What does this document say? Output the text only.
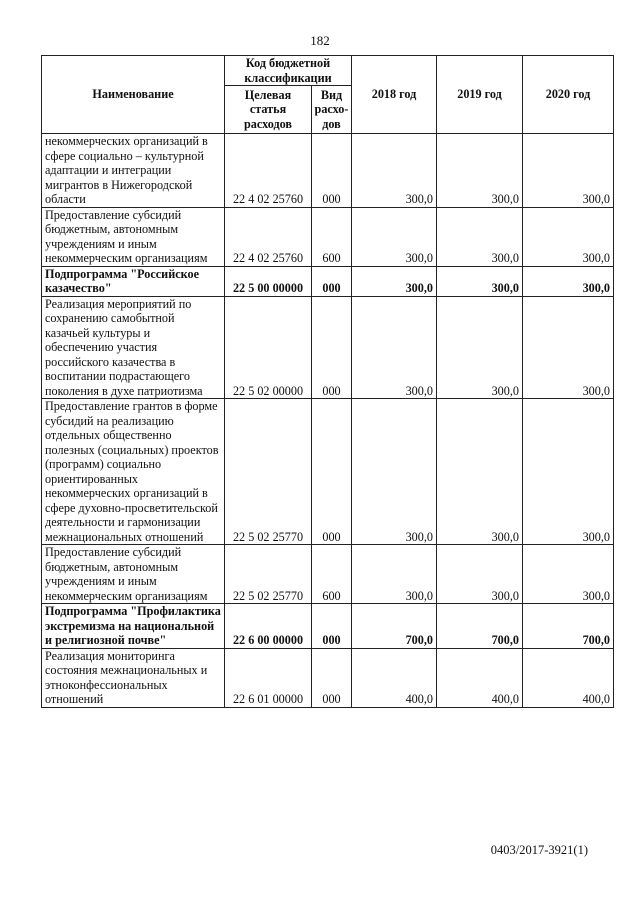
182
Наименование	Код бюджетной классификации		2018 год	2019 год	2020 год
	Целевая статья расходов	Вид расхо-дов			
некоммерческих организаций в сфере социально – культурной адаптации и интеграции мигрантов в Нижегородской области	22 4 02 25760	000	300,0	300,0	300,0
Предоставление субсидий бюджетным, автономным учреждениям и иным некоммерческим организациям	22 4 02 25760	600	300,0	300,0	300,0
Подпрограмма "Российское казачество"	22 5 00 00000	000	300,0	300,0	300,0
Реализация мероприятий по сохранению самобытной казачьей культуры и обеспечению участия российского казачества в воспитании подрастающего поколения в духе патриотизма	22 5 02 00000	000	300,0	300,0	300,0
Предоставление грантов в форме субсидий на реализацию отдельных общественно полезных (социальных) проектов (программ) социально ориентированных некоммерческих организаций в сфере духовно-просветительской деятельности и гармонизации межнациональных отношений	22 5 02 25770	000	300,0	300,0	300,0
Предоставление субсидий бюджетным, автономным учреждениям и иным некоммерческим организациям	22 5 02 25770	600	300,0	300,0	300,0
Подпрограмма "Профилактика экстремизма на национальной и религиозной почве"	22 6 00 00000	000	700,0	700,0	700,0
Реализация мониторинга состояния межнациональных и этноконфессиональных отношений	22 6 01 00000	000	400,0	400,0	400,0
0403/2017-3921(1)
